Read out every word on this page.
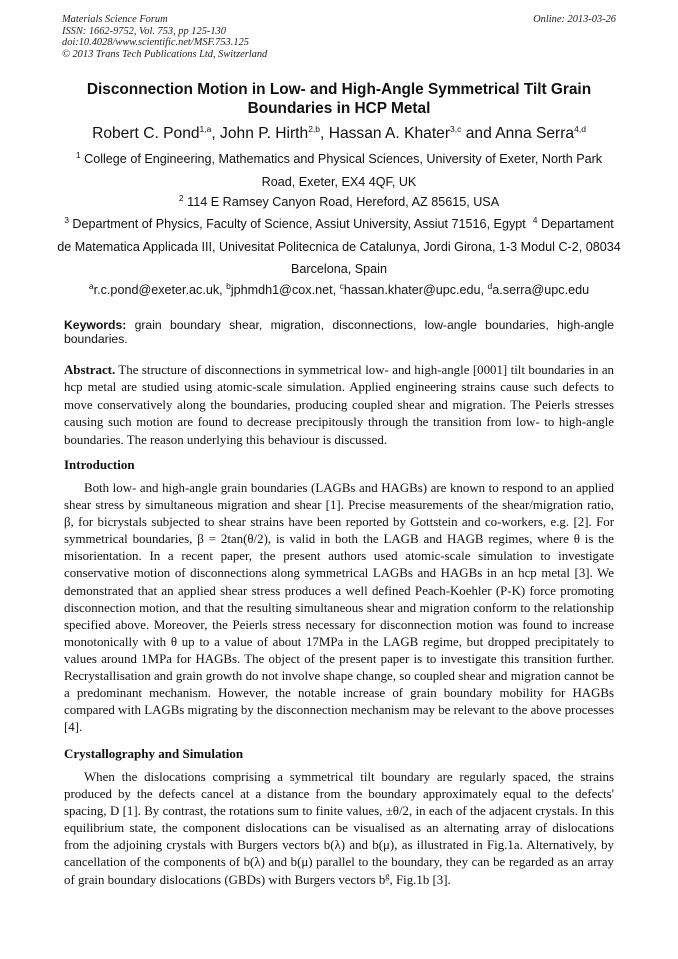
Materials Science Forum
ISSN: 1662-9752, Vol. 753, pp 125-130
doi:10.4028/www.scientific.net/MSF.753.125
© 2013 Trans Tech Publications Ltd, Switzerland
Online: 2013-03-26
Disconnection Motion in Low- and High-Angle Symmetrical Tilt Grain Boundaries in HCP Metal
Robert C. Pond$^{1,a}$, John P. Hirth$^{2,b}$, Hassan A. Khater$^{3,c}$ and Anna Serra$^{4,d}$
$^1$ College of Engineering, Mathematics and Physical Sciences, University of Exeter, North Park Road, Exeter, EX4 4QF, UK
$^2$ 114 E Ramsey Canyon Road, Hereford, AZ 85615, USA
$^3$ Department of Physics, Faculty of Science, Assiut University, Assiut 71516, Egypt $^4$ Departament de Matematica Applicada III, Univesitat Politecnica de Catalunya, Jordi Girona, 1-3 Modul C-2, 08034 Barcelona, Spain
$^a$r.c.pond@exeter.ac.uk, $^b$jphmdh1@cox.net, $^c$hassan.khater@upc.edu, $^d$a.serra@upc.edu
Keywords: grain boundary shear, migration, disconnections, low-angle boundaries, high-angle boundaries.
Abstract. The structure of disconnections in symmetrical low- and high-angle [0001] tilt boundaries in an hcp metal are studied using atomic-scale simulation. Applied engineering strains cause such defects to move conservatively along the boundaries, producing coupled shear and migration. The Peierls stresses causing such motion are found to decrease precipitously through the transition from low- to high-angle boundaries. The reason underlying this behaviour is discussed.
Introduction
Both low- and high-angle grain boundaries (LAGBs and HAGBs) are known to respond to an applied shear stress by simultaneous migration and shear [1]. Precise measurements of the shear/migration ratio, β, for bicrystals subjected to shear strains have been reported by Gottstein and co-workers, e.g. [2]. For symmetrical boundaries, β = 2tan(θ/2), is valid in both the LAGB and HAGB regimes, where θ is the misorientation. In a recent paper, the present authors used atomic-scale simulation to investigate conservative motion of disconnections along symmetrical LAGBs and HAGBs in an hcp metal [3]. We demonstrated that an applied shear stress produces a well defined Peach-Koehler (P-K) force promoting disconnection motion, and that the resulting simultaneous shear and migration conform to the relationship specified above. Moreover, the Peierls stress necessary for disconnection motion was found to increase monotonically with θ up to a value of about 17MPa in the LAGB regime, but dropped precipitately to values around 1MPa for HAGBs. The object of the present paper is to investigate this transition further. Recrystallisation and grain growth do not involve shape change, so coupled shear and migration cannot be a predominant mechanism. However, the notable increase of grain boundary mobility for HAGBs compared with LAGBs migrating by the disconnection mechanism may be relevant to the above processes [4].
Crystallography and Simulation
When the dislocations comprising a symmetrical tilt boundary are regularly spaced, the strains produced by the defects cancel at a distance from the boundary approximately equal to the defects' spacing, D [1]. By contrast, the rotations sum to finite values, ±θ/2, in each of the adjacent crystals. In this equilibrium state, the component dislocations can be visualised as an alternating array of dislocations from the adjoining crystals with Burgers vectors b(λ) and b(μ), as illustrated in Fig.1a. Alternatively, by cancellation of the components of b(λ) and b(μ) parallel to the boundary, they can be regarded as an array of grain boundary dislocations (GBDs) with Burgers vectors $b^g$, Fig.1b [3].
